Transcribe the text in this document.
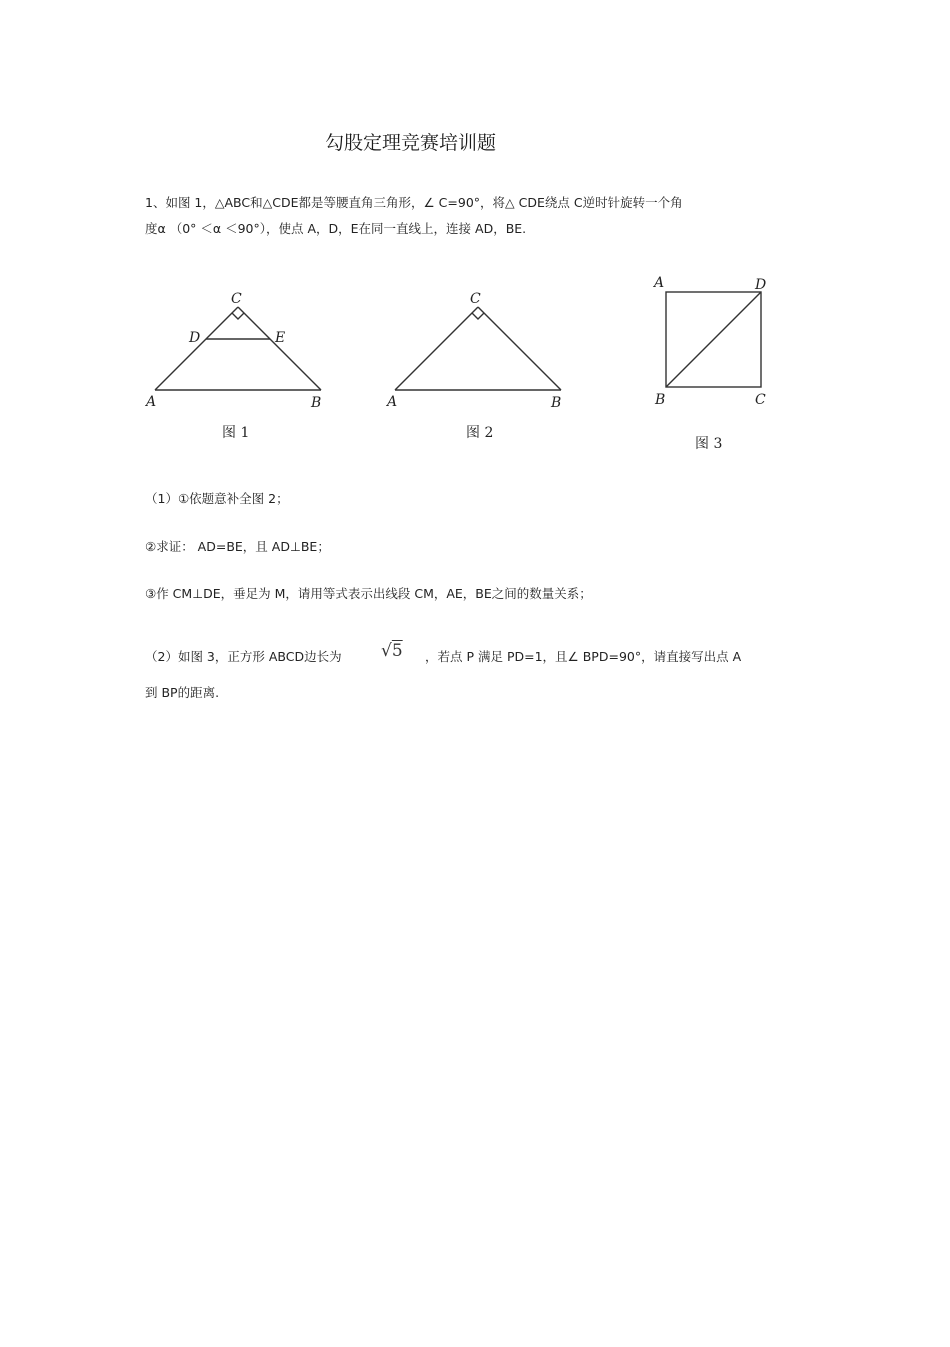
勾股定理竞赛培训题
1、如图 1，△ABC和△CDE都是等腰直角三角形，∠ C=90°，将△ CDE绕点 C逆时针旋转一个角
度α （0° ＜α ＜90°），使点 A，D，E在同一直线上，连接 AD，BE.
C
D	E
A	B
图 1
C
A	B
图 2
A	D
B	C
图 3
（1）①依题意补全图 2；
②求证： AD=BE，且 AD⊥BE；
③作 CM⊥DE，垂足为 M，请用等式表示出线段 CM，AE，BE之间的数量关系；
（2）如图 3，正方形 ABCD边长为 √5 ，若点 P 满足 PD=1，且∠ BPD=90°，请直接写出点 A
到 BP的距离.
